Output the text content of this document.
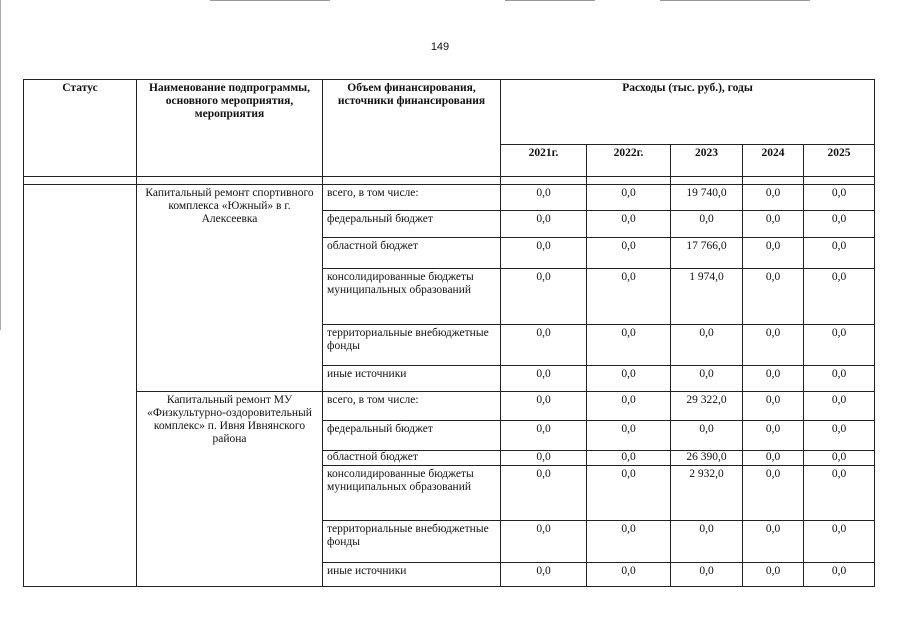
149
Статус	Наименование подпрограммы, основного мероприятия, мероприятия	Объем финансирования, источники финансирования	Расходы (тыс. руб.), годы				
			2021г.	2022г.	2023	2024	2025

	Капитальный ремонт спортивного комплекса «Южный» в г. Алексеевка	всего, в том числе:	0,0	0,0	19 740,0	0,0	0,0
		федеральный бюджет	0,0	0,0	0,0	0,0	0,0
		областной бюджет	0,0	0,0	17 766,0	0,0	0,0
		консолидированные бюджеты муниципальных образований	0,0	0,0	1 974,0	0,0	0,0
		территориальные внебюджетные фонды	0,0	0,0	0,0	0,0	0,0
		иные источники	0,0	0,0	0,0	0,0	0,0
	Капитальный ремонт МУ «Физкультурно-оздоровительный комплекс» п. Ивня Ивнянского района	всего, в том числе:	0,0	0,0	29 322,0	0,0	0,0
		федеральный бюджет	0,0	0,0	0,0	0,0	0,0
		областной бюджет	0,0	0,0	26 390,0	0,0	0,0
		консолидированные бюджеты муниципальных образований	0,0	0,0	2 932,0	0,0	0,0
		территориальные внебюджетные фонды	0,0	0,0	0,0	0,0	0,0
		иные источники	0,0	0,0	0,0	0,0	0,0
